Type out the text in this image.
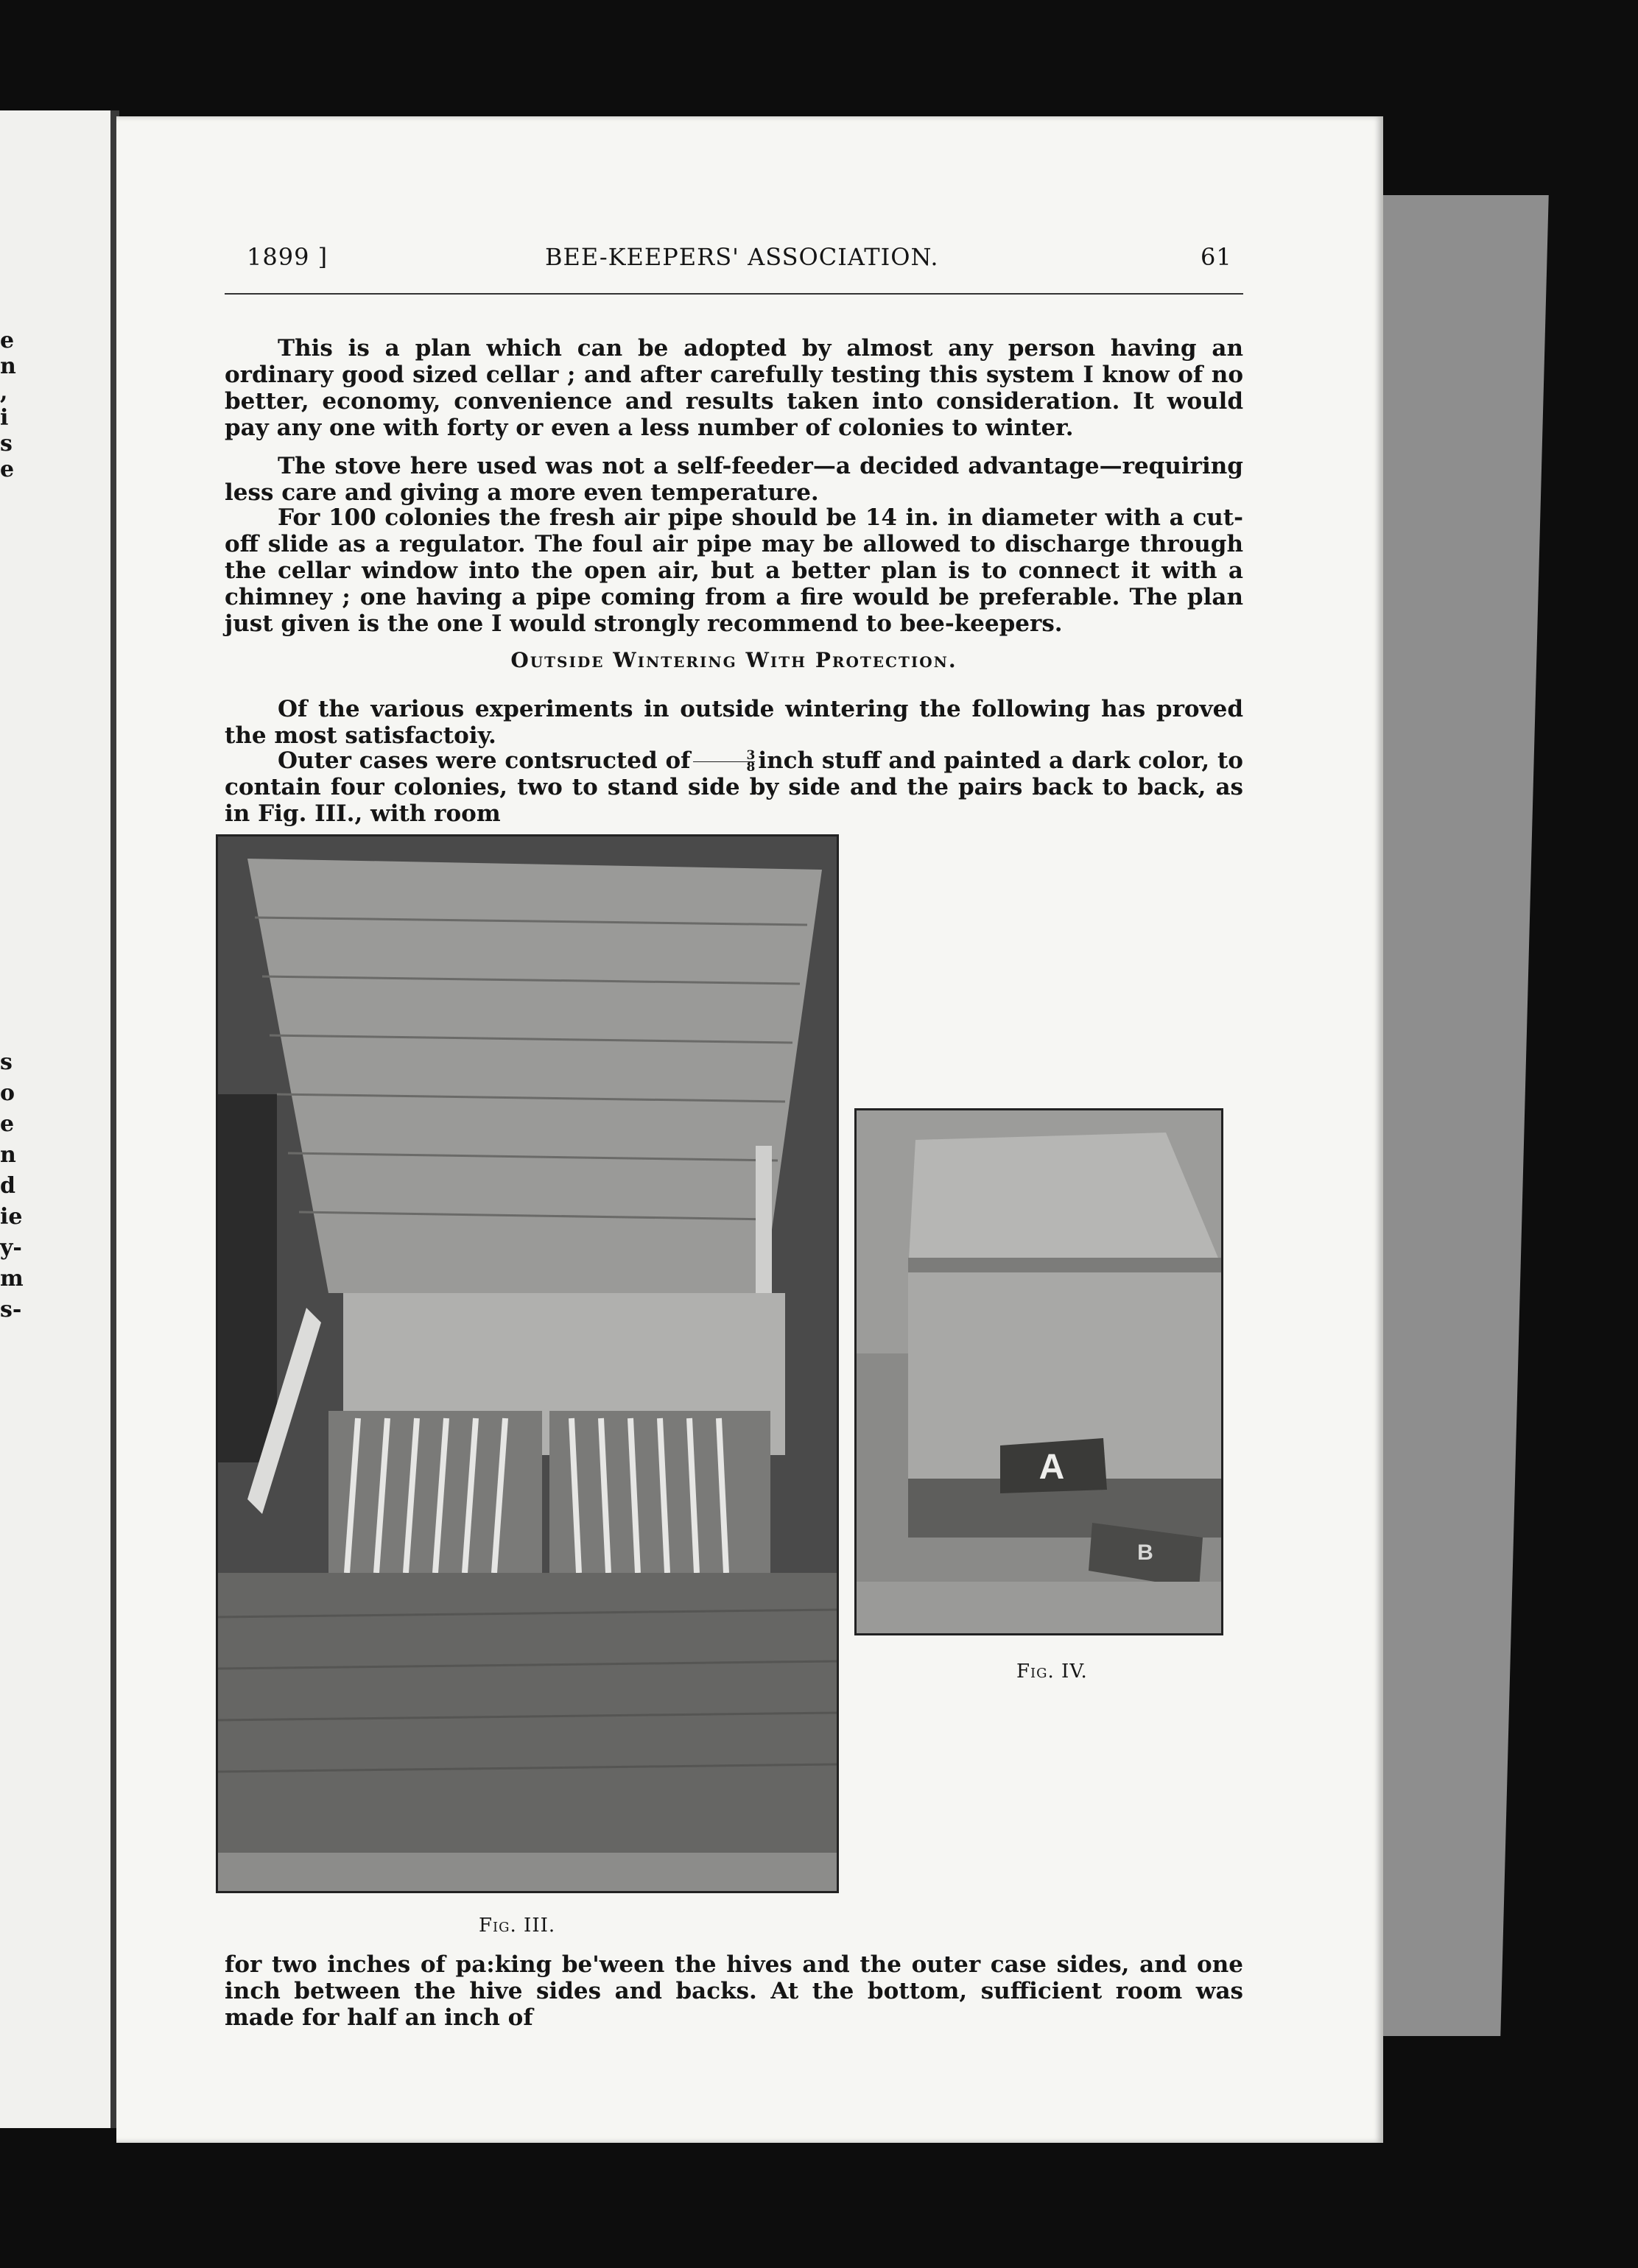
e
n
,
i
s
e
s
o
e
n
d
ie
y-
m
s-
1899 ]	BEE-KEEPERS' ASSOCIATION.	61
This is a plan which can be adopted by almost any person having an ordinary good sized cellar ; and after carefully testing this system I know of no better, economy, convenience and results taken into consideration. It would pay any one with forty or even a less number of colonies to winter.
The stove here used was not a self-feeder—a decided advantage—requiring less care and giving a more even temperature.
For 100 colonies the fresh air pipe should be 14 in. in diameter with a cut-off slide as a regulator. The foul air pipe may be allowed to discharge through the cellar window into the open air, but a better plan is to connect it with a chimney ; one having a pipe coming from a fire would be preferable. The plan just given is the one I would strongly recommend to bee-keepers.
Outside Wintering With Protection.
Of the various experiments in outside wintering the following has proved the most satisfactoiy.
Outer cases were contsructed of $\frac{3}{8}$ inch stuff and painted a dark color, to contain four colonies, two to stand side by side and the pairs back to back, as in Fig. III., with room
Fig. III.
A
B
Fig. IV.
for two inches of pa:king be'ween the hives and the outer case sides, and one inch between the hive sides and backs. At the bottom, sufficient room was made for half an inch of
